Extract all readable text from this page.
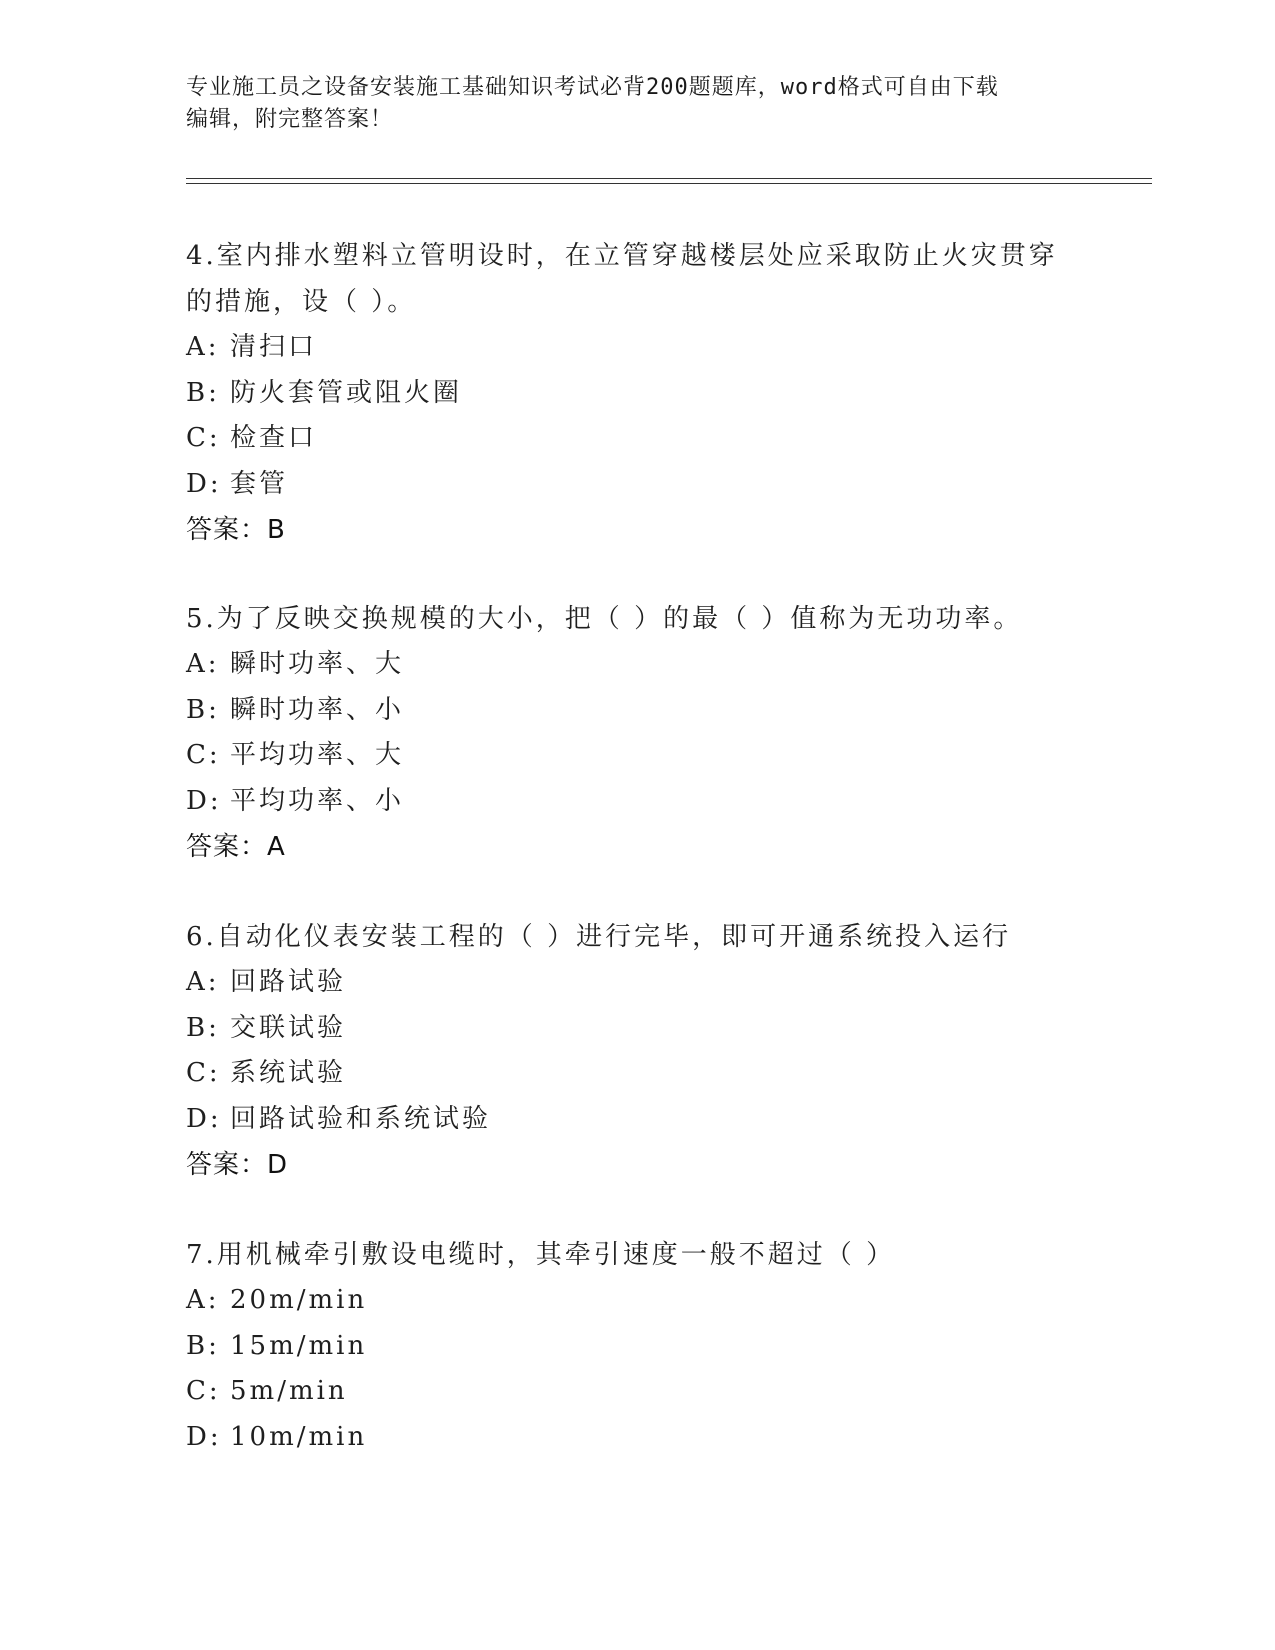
专业施工员之设备安装施工基础知识考试必背200题题库，word格式可自由下载
编辑，附完整答案！
4.室内排水塑料立管明设时，在立管穿越楼层处应采取防止火灾贯穿
的措施，设（ ）。
A: 清扫口
B: 防火套管或阻火圈
C: 检查口
D: 套管
答案：B
5.为了反映交换规模的大小，把（ ）的最（ ）值称为无功功率。
A: 瞬时功率、大
B: 瞬时功率、小
C: 平均功率、大
D: 平均功率、小
答案：A
6.自动化仪表安装工程的（ ）进行完毕，即可开通系统投入运行
A: 回路试验
B: 交联试验
C: 系统试验
D: 回路试验和系统试验
答案：D
7.用机械牵引敷设电缆时，其牵引速度一般不超过（ ）
A: 20m/min
B: 15m/min
C: 5m/min
D: 10m/min
